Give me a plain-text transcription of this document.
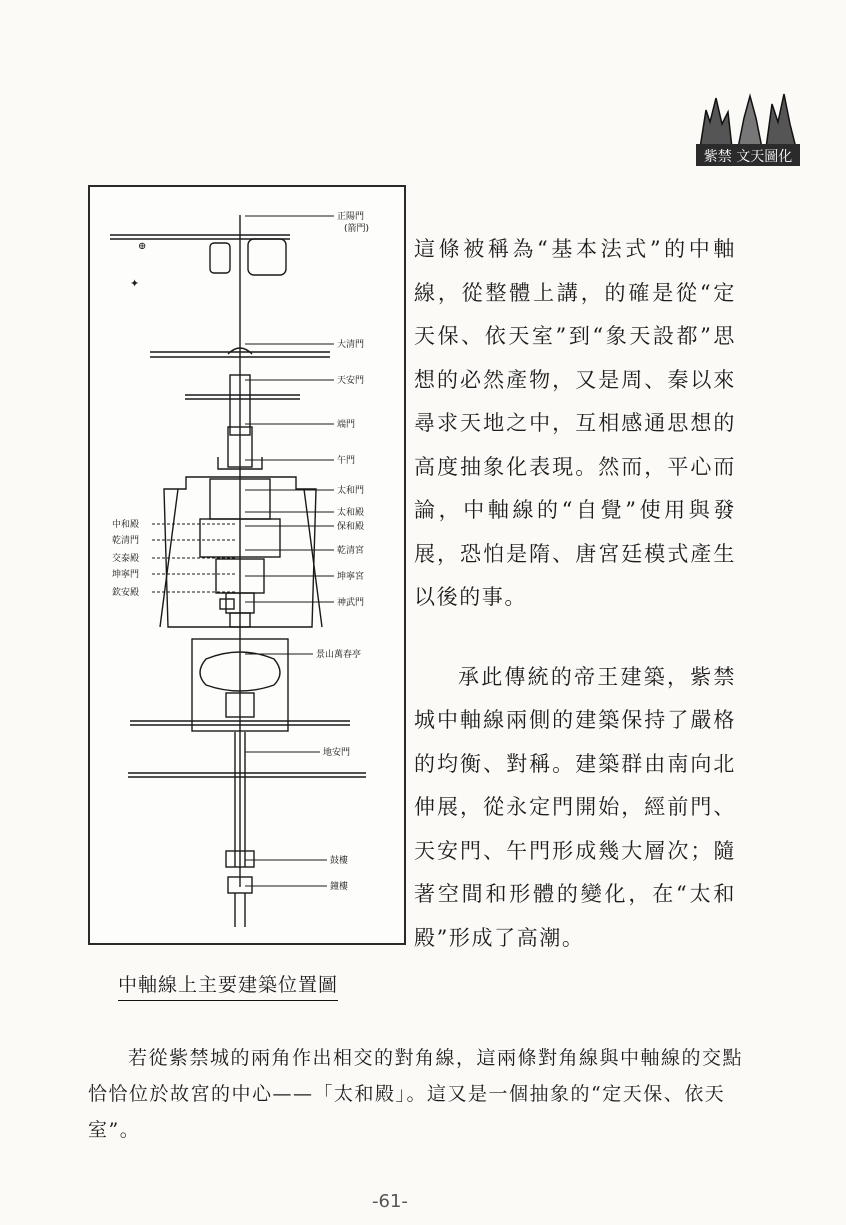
紫禁 文天圖化
⊕
✦
正陽門
(箭門)
大清門
天安門
端門
午門
太和門
太和殿
保和殿
乾清宮
坤寧宮
神武門
景山萬春亭
地安門
鼓樓
鐘樓
中和殿
乾清門
交泰殿
坤寧門
欽安殿
中軸線上主要建築位置圖

這條被稱為“基本法式”的中軸線，從整體上講，的確是從“定天保、依天室”到“象天設都”思想的必然產物，又是周、秦以來尋求天地之中，互相感通思想的高度抽象化表現。然而，平心而論，中軸線的“自覺”使用與發展，恐怕是隋、唐宮廷模式產生以後的事。

承此傳統的帝王建築，紫禁城中軸線兩側的建築保持了嚴格的均衡、對稱。建築群由南向北伸展，從永定門開始，經前門、天安門、午門形成幾大層次；隨著空間和形體的變化，在“太和殿”形成了高潮。

若從紫禁城的兩角作出相交的對角線，這兩條對角線與中軸線的交點恰恰位於故宮的中心——「太和殿」。這又是一個抽象的“定天保、依天室”。

-61-
